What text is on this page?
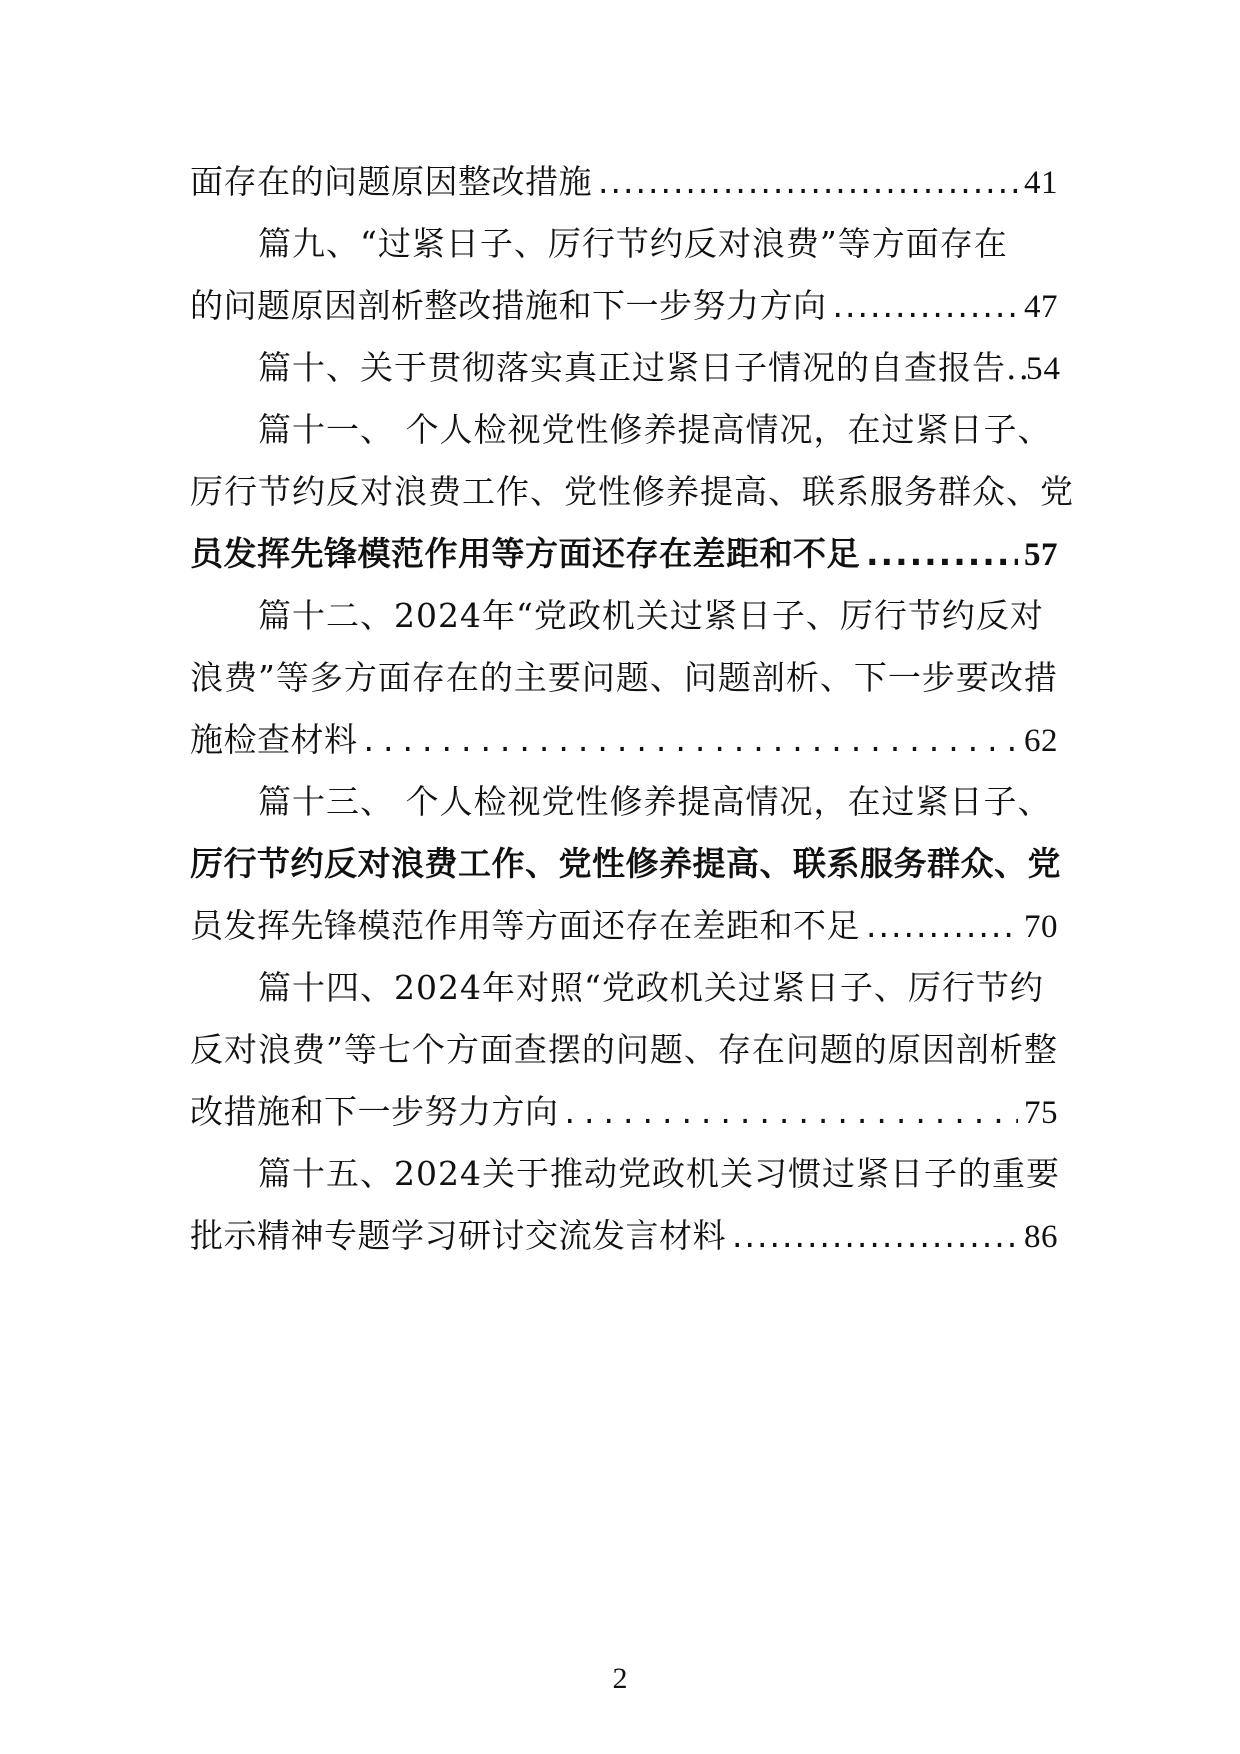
面存在的问题原因整改措施 .....	41
篇九、“过紧日子、厉行节约反对浪费”等方面存在
的问题原因剖析整改措施和下一步努力方向 .....	47
篇十、关于贯彻落实真正过紧日子情况的自查报告 ..... 54
篇十一、 个人检视党性修养提高情况，在过紧日子、
厉行节约反对浪费工作、党性修养提高、联系服务群众、党
员发挥先锋模范作用等方面还存在差距和不足 .....	57
篇十二、2024年“党政机关过紧日子、厉行节约反对
浪费”等多方面存在的主要问题、问题剖析、下一步要改措
施检查材料 .....	62
篇十三、 个人检视党性修养提高情况，在过紧日子、
厉行节约反对浪费工作、党性修养提高、联系服务群众、党
员发挥先锋模范作用等方面还存在差距和不足 .....	70
篇十四、2024年对照“党政机关过紧日子、厉行节约
反对浪费”等七个方面查摆的问题、存在问题的原因剖析整
改措施和下一步努力方向 .....	75
篇十五、2024关于推动党政机关习惯过紧日子的重要
批示精神专题学习研讨交流发言材料 .....	86
2
